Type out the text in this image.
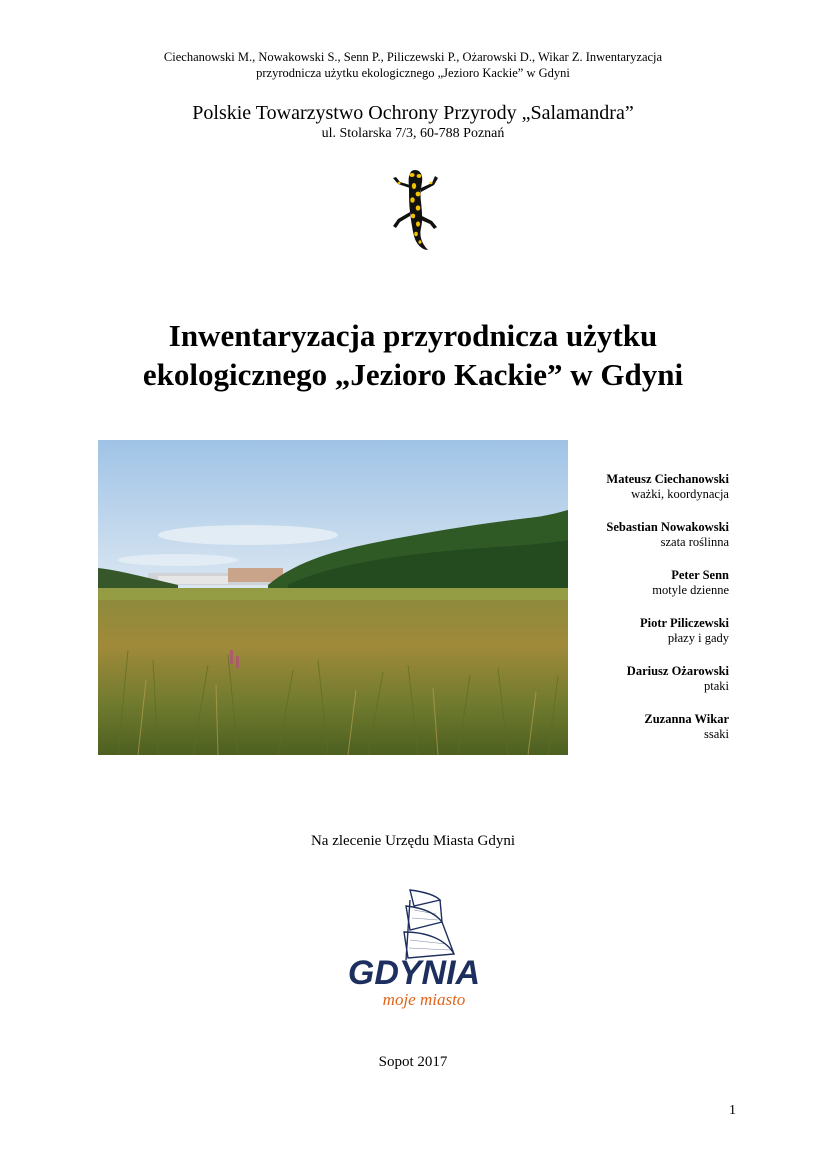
Ciechanowski M., Nowakowski S., Senn P., Piliczewski P., Ożarowski D., Wikar Z. Inwentaryzacja
przyrodnicza użytku ekologicznego „Jezioro Kackie” w Gdyni
Polskie Towarzystwo Ochrony Przyrody „Salamandra”
ul. Stolarska 7/3, 60-788 Poznań
Inwentaryzacja przyrodnicza użytku
ekologicznego „Jezioro Kackie” w Gdyni
Mateusz Ciechanowski
ważki, koordynacja
Sebastian Nowakowski
szata roślinna
Peter Senn
motyle dzienne
Piotr Piliczewski
płazy i gady
Dariusz Ożarowski
ptaki
Zuzanna Wikar
ssaki
Na zlecenie Urzędu Miasta Gdyni
GDYNIA
moje miasto
Sopot 2017
1
